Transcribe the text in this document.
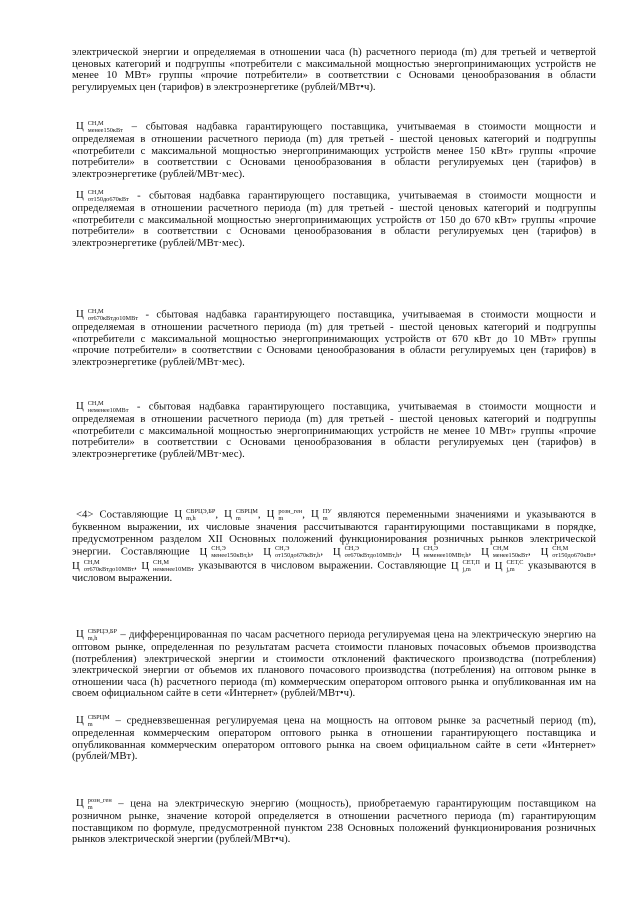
электрической энергии и определяемая в отношении часа (h) расчетного периода (m) для третьей и четвертой ценовых категорий и подгруппы «потребители с максимальной мощностью энергопринимающих устройств не менее 10 МВт» группы «прочие потребители» в соответствии с Основами ценообразования в области регулируемых цен (тарифов) в электроэнергетике (рублей/МВт•ч).

Ц СН,М
менее150кВт – сбытовая надбавка гарантирующего поставщика, учитываемая в стоимости мощности и определяемая в отношении расчетного периода (m) для третьей - шестой ценовых категорий и подгруппы «потребители с максимальной мощностью энергопринимающих устройств менее 150 кВт» группы «прочие потребители» в соответствии с Основами ценообразования в области регулируемых цен (тарифов) в электроэнергетике (рублей/МВт·мес).

Ц СН,М
от150до670кВт - сбытовая надбавка гарантирующего поставщика, учитываемая в стоимости мощности и определяемая в отношении расчетного периода (m) для третьей - шестой ценовых категорий и подгруппы «потребители с максимальной мощностью энергопринимающих устройств от 150 до 670 кВт» группы «прочие потребители» в соответствии с Основами ценообразования в области регулируемых цен (тарифов) в электроэнергетике (рублей/МВт·мес).

Ц СН,М
от670кВтдо10МВт - сбытовая надбавка гарантирующего поставщика, учитываемая в стоимости мощности и определяемая в отношении расчетного периода (m) для третьей - шестой ценовых категорий и подгруппы «потребители с максимальной мощностью энергопринимающих устройств от 670 кВт до 10 МВт» группы «прочие потребители» в соответствии с Основами ценообразования в области регулируемых цен (тарифов) в электроэнергетике (рублей/МВт·мес).

Ц СН,М
неменее10МВт - сбытовая надбавка гарантирующего поставщика, учитываемая в стоимости мощности и определяемая в отношении расчетного периода (m) для третьей - шестой ценовых категорий и подгруппы «потребители с максимальной мощностью энергопринимающих устройств не менее 10 МВт» группы «прочие потребители» в соответствии с Основами ценообразования в области регулируемых цен (тарифов) в электроэнергетике (рублей/МВт·мес).

<4> Составляющие Ц СВРЦЭ,БР
m,h	, Ц СВРЦМ
m	, Ц розн_ген
m	, Ц ПУ
m являются переменными значениями и указываются в буквенном выражении, их числовые значения рассчитываются гарантирующими поставщиками в порядке, предусмотренном разделом XII Основных положений функционирования розничных рынков электрической энергии. Составляющие Ц СН,Э
менее150кВт,h , Ц СН,Э
от150до670кВт,h , Ц СН,Э
от670кВтдо10МВт,h , Ц СН,Э
неменее10МВт,h , Ц СН,М
менее150кВт , Ц СН,М
от150до670кВт , Ц СН,М
от670кВтдо10МВт , Ц СН,М
неменее10МВт указываются в числовом выражении. Составляющие Ц СЕТ,П
j,m и Ц СЕТ,С
j,m указываются в числовом выражении.

Ц СВРЦЭ,БР
m,h	– дифференцированная по часам расчетного периода регулируемая цена на электрическую энергию на оптовом рынке, определенная по результатам расчета стоимости плановых почасовых объемов производства (потребления) электрической энергии и стоимости отклонений фактического производства (потребления) электрической энергии от объемов их планового почасового производства (потребления) на оптовом рынке в отношении часа (h) расчетного периода (m) коммерческим оператором оптового рынка и опубликованная им на своем официальном сайте в сети «Интернет» (рублей/МВт•ч).

Ц СВРЦМ
m	– средневзвешенная регулируемая цена на мощность на оптовом рынке за расчетный период (m), определенная коммерческим оператором оптового рынка в отношении гарантирующего поставщика и опубликованная коммерческим оператором оптового рынка на своем официальном сайте в сети «Интернет» (рублей/МВт).

Ц розн_ген
m	– цена на электрическую энергию (мощность), приобретаемую гарантирующим поставщиком на розничном рынке, значение которой определяется в отношении расчетного периода (m) гарантирующим поставщиком по формуле, предусмотренной пунктом 238 Основных положений функционирования розничных рынков электрической энергии (рублей/МВт•ч).
